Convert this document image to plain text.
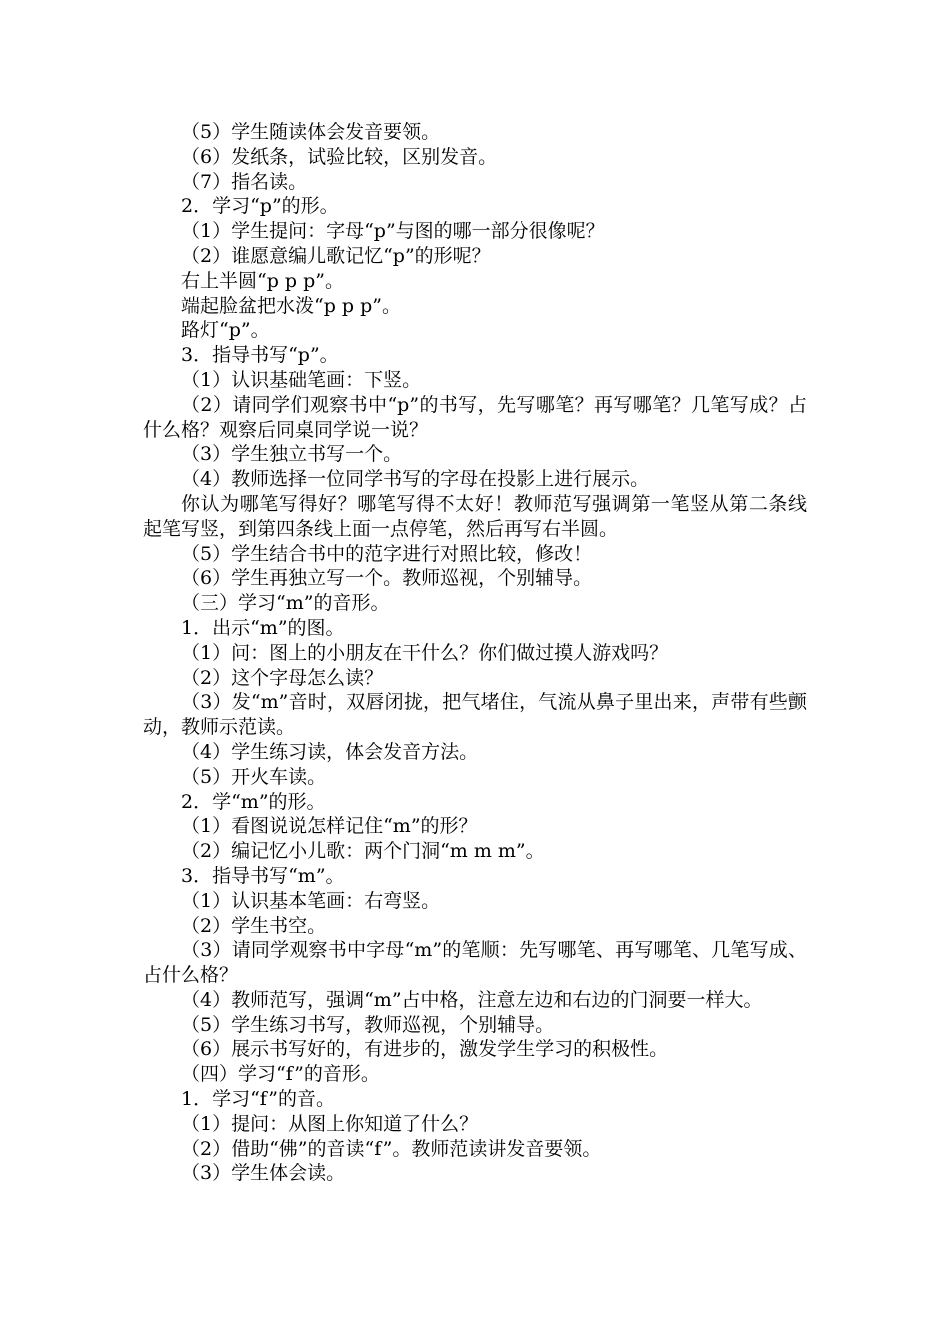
（5）学生随读体会发音要领。

（6）发纸条，试验比较，区别发音。

（7）指名读。

2．学习“p”的形。

（1）学生提问：字母“p”与图的哪一部分很像呢？

（2）谁愿意编儿歌记忆“p”的形呢？

右上半圆“p p p”。

端起脸盆把水泼“p p p”。

路灯“p”。

3．指导书写“p”。

（1）认识基础笔画：下竖。

（2）请同学们观察书中“p”的书写，先写哪笔？再写哪笔？几笔写成？占什么格？观察后同桌同学说一说？

（3）学生独立书写一个。

（4）教师选择一位同学书写的字母在投影上进行展示。

你认为哪笔写得好？哪笔写得不太好！教师范写强调第一笔竖从第二条线起笔写竖，到第四条线上面一点停笔，然后再写右半圆。

（5）学生结合书中的范字进行对照比较，修改！

（6）学生再独立写一个。教师巡视，个别辅导。

（三）学习“m”的音形。

1．出示“m”的图。

（1）问：图上的小朋友在干什么？你们做过摸人游戏吗？

（2）这个字母怎么读？

（3）发“m”音时，双唇闭拢，把气堵住，气流从鼻子里出来，声带有些颤动，教师示范读。

（4）学生练习读，体会发音方法。

（5）开火车读。

2．学“m”的形。

（1）看图说说怎样记住“m”的形？

（2）编记忆小儿歌：两个门洞“m m m”。

3．指导书写“m”。

（1）认识基本笔画：右弯竖。

（2）学生书空。

（3）请同学观察书中字母“m”的笔顺：先写哪笔、再写哪笔、几笔写成、占什么格？

（4）教师范写，强调“m”占中格，注意左边和右边的门洞要一样大。

（5）学生练习书写，教师巡视，个别辅导。

（6）展示书写好的，有进步的，激发学生学习的积极性。

（四）学习“f”的音形。

1．学习“f”的音。

（1）提问：从图上你知道了什么？

（2）借助“佛”的音读“f”。教师范读讲发音要领。

（3）学生体会读。
